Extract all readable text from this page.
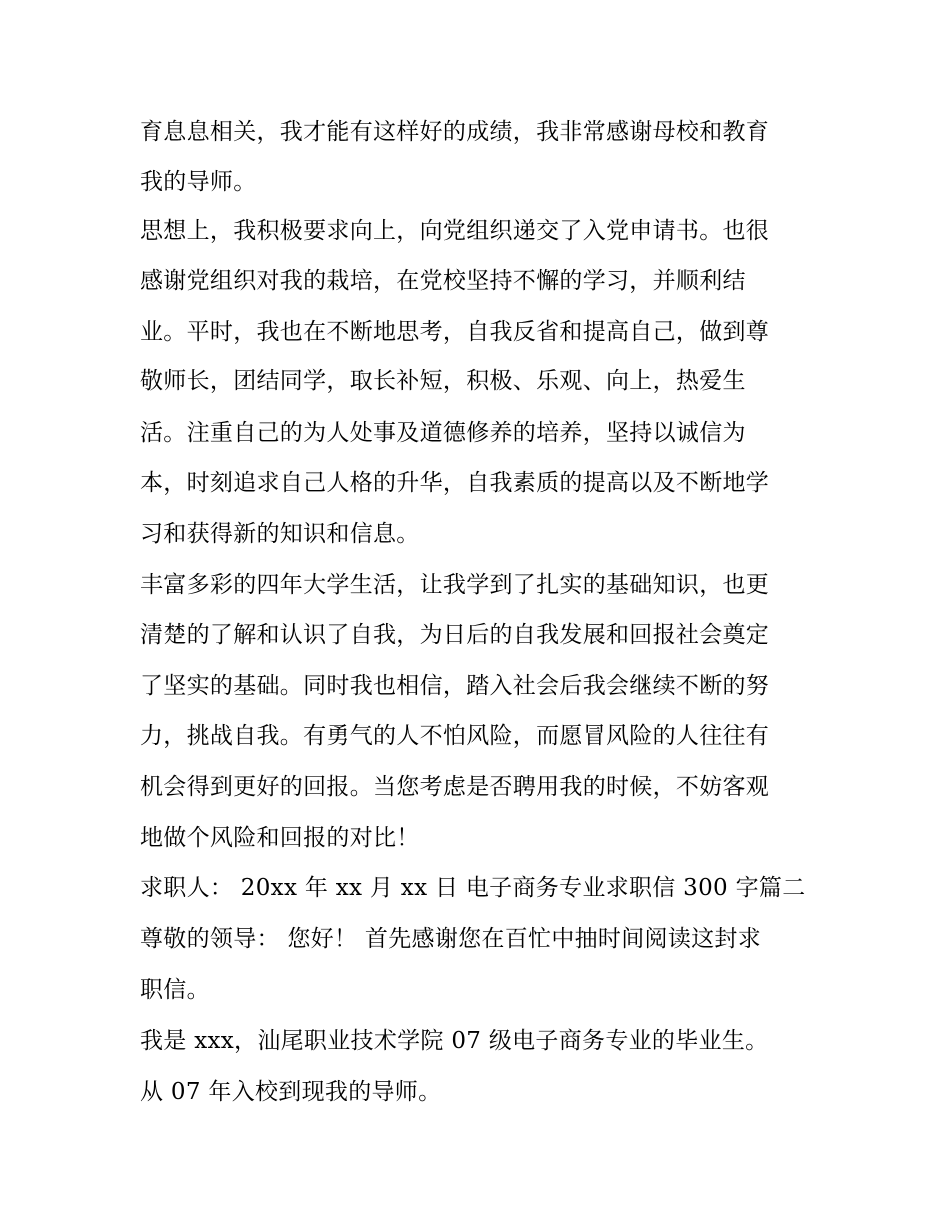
育息息相关，我才能有这样好的成绩，我非常感谢母校和教育
我的导师。
思想上，我积极要求向上，向党组织递交了入党申请书。也很
感谢党组织对我的栽培，在党校坚持不懈的学习，并顺利结
业。平时，我也在不断地思考，自我反省和提高自己，做到尊
敬师长，团结同学，取长补短，积极、乐观、向上，热爱生
活。注重自己的为人处事及道德修养的培养，坚持以诚信为
本，时刻追求自己人格的升华，自我素质的提高以及不断地学
习和获得新的知识和信息。
丰富多彩的四年大学生活，让我学到了扎实的基础知识，也更
清楚的了解和认识了自我，为日后的自我发展和回报社会奠定
了坚实的基础。同时我也相信，踏入社会后我会继续不断的努
力，挑战自我。有勇气的人不怕风险，而愿冒风险的人往往有
机会得到更好的回报。当您考虑是否聘用我的时候，不妨客观
地做个风险和回报的对比！
求职人： 20xx 年 xx 月 xx 日 电子商务专业求职信 300 字篇二
尊敬的领导： 您好！ 首先感谢您在百忙中抽时间阅读这封求
职信。
我是 xxx，汕尾职业技术学院 07 级电子商务专业的毕业生。
从 07 年入校到现我的导师。
